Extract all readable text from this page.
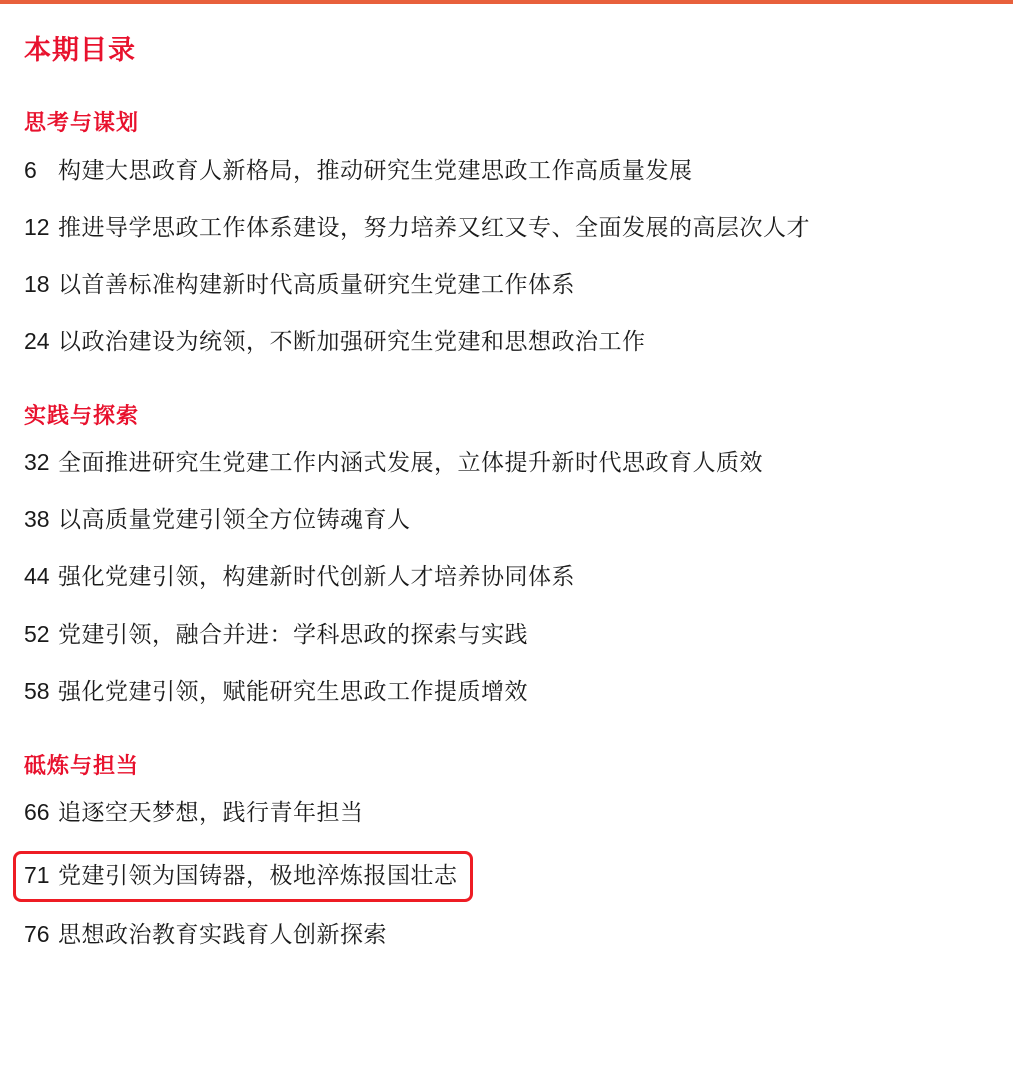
本期目录
思考与谋划
6 构建大思政育人新格局，推动研究生党建思政工作高质量发展
12 推进导学思政工作体系建设，努力培养又红又专、全面发展的高层次人才
18 以首善标准构建新时代高质量研究生党建工作体系
24 以政治建设为统领，不断加强研究生党建和思想政治工作
实践与探索
32 全面推进研究生党建工作内涵式发展，立体提升新时代思政育人质效
38 以高质量党建引领全方位铸魂育人
44 强化党建引领，构建新时代创新人才培养协同体系
52 党建引领，融合并进：学科思政的探索与实践
58 强化党建引领，赋能研究生思政工作提质增效
砥炼与担当
66 追逐空天梦想，践行青年担当
71 党建引领为国铸器，极地淬炼报国壮志
76 思想政治教育实践育人创新探索
